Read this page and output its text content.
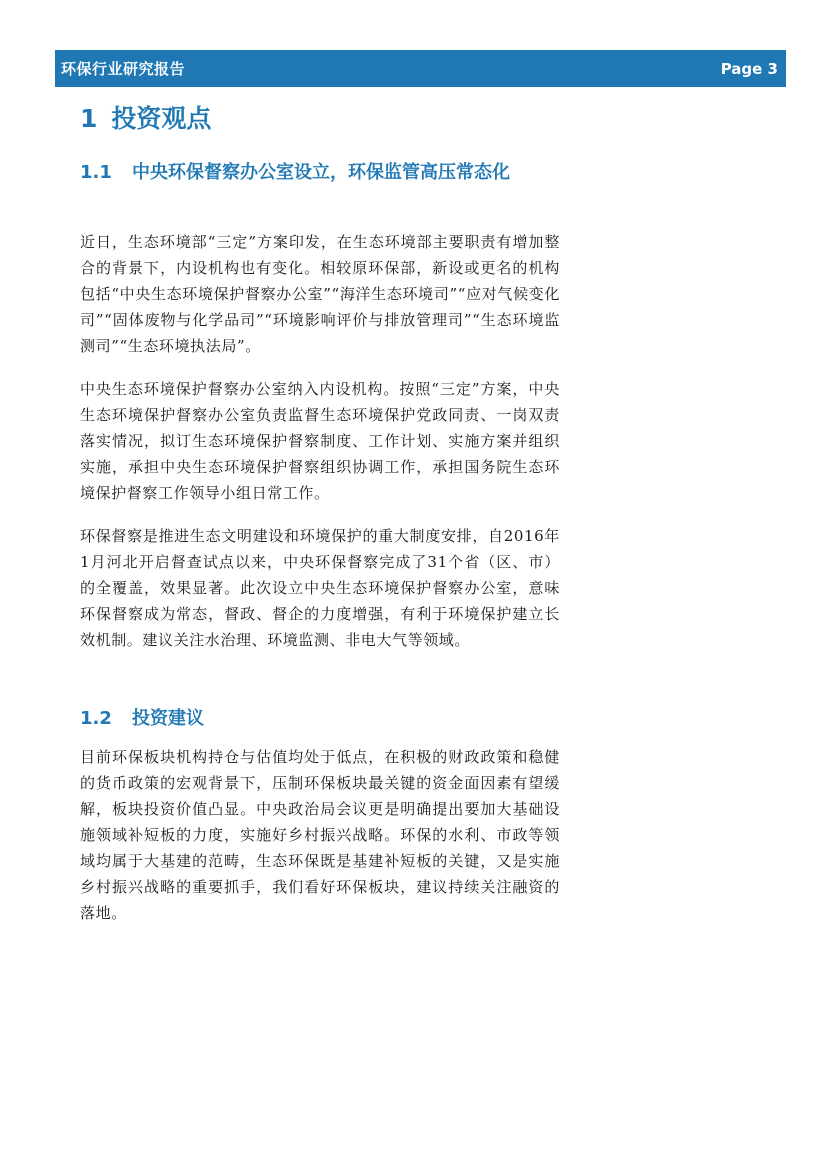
环保行业研究报告	Page 3
1 投资观点
1.1 中央环保督察办公室设立，环保监管高压常态化

近日，生态环境部“三定”方案印发，在生态环境部主要职责有增加整合的背景下，内设机构也有变化。相较原环保部，新设或更名的机构包括“中央生态环境保护督察办公室”“海洋生态环境司”“应对气候变化司”“固体废物与化学品司”“环境影响评价与排放管理司”“生态环境监测司”“生态环境执法局”。

中央生态环境保护督察办公室纳入内设机构。按照“三定”方案，中央生态环境保护督察办公室负责监督生态环境保护党政同责、一岗双责落实情况，拟订生态环境保护督察制度、工作计划、实施方案并组织实施，承担中央生态环境保护督察组织协调工作，承担国务院生态环境保护督察工作领导小组日常工作。

环保督察是推进生态文明建设和环境保护的重大制度安排，自2016年1月河北开启督查试点以来，中央环保督察完成了31个省（区、市）的全覆盖，效果显著。此次设立中央生态环境保护督察办公室，意味环保督察成为常态，督政、督企的力度增强，有利于环境保护建立长效机制。建议关注水治理、环境监测、非电大气等领域。

1.2 投资建议

目前环保板块机构持仓与估值均处于低点，在积极的财政政策和稳健的货币政策的宏观背景下，压制环保板块最关键的资金面因素有望缓解，板块投资价值凸显。中央政治局会议更是明确提出要加大基础设施领域补短板的力度，实施好乡村振兴战略。环保的水利、市政等领域均属于大基建的范畴，生态环保既是基建补短板的关键，又是实施乡村振兴战略的重要抓手，我们看好环保板块，建议持续关注融资的落地。
